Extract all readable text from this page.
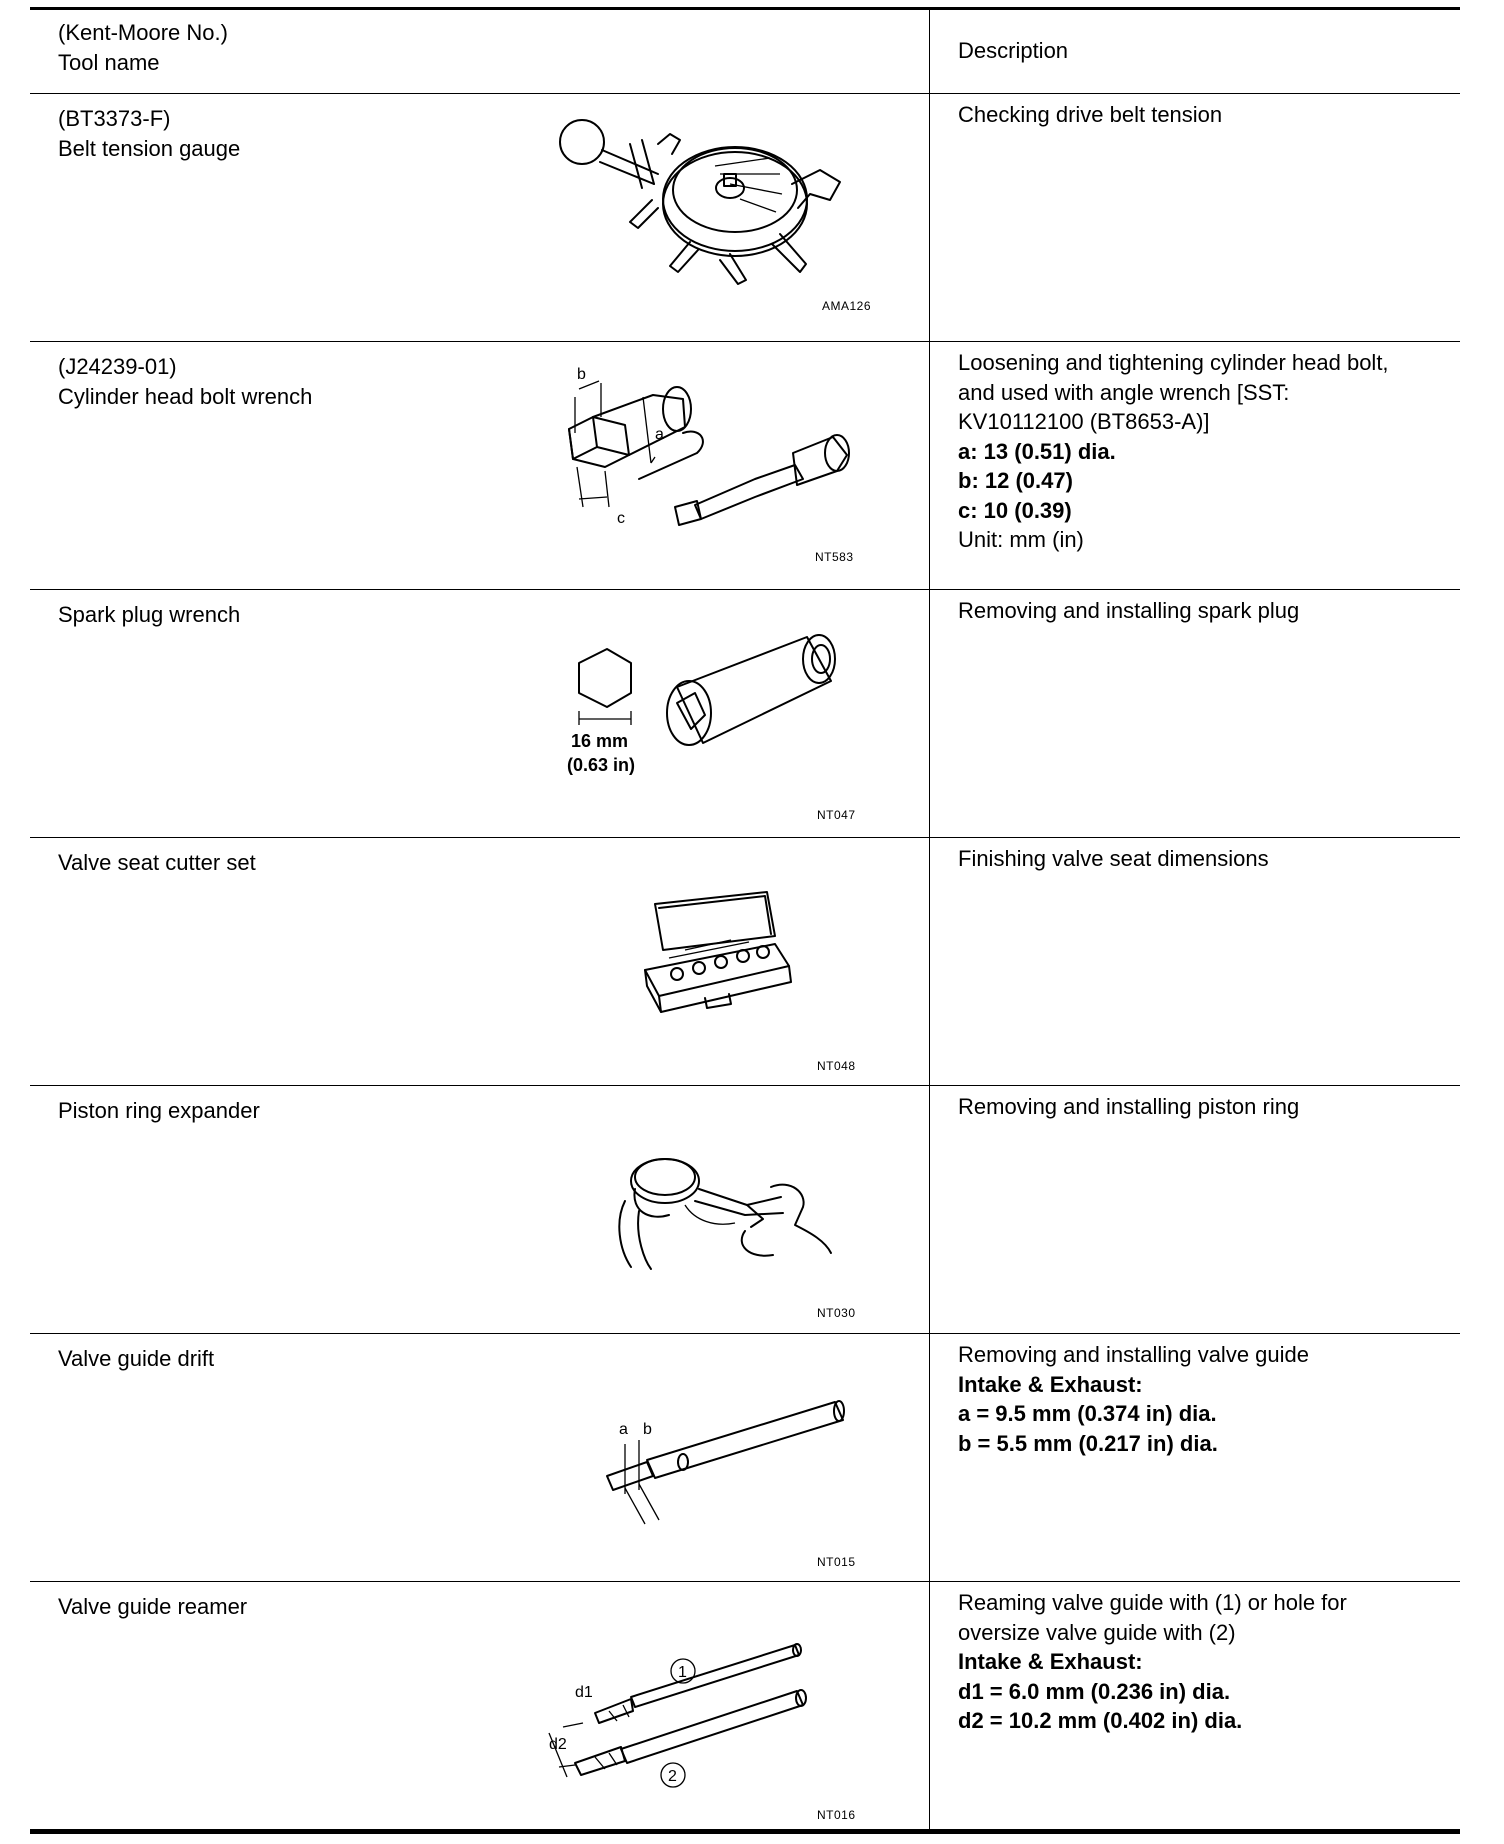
(Kent-Moore No.)
Tool name	Description
(BT3373-F)
Belt tension gauge
AMA126
Checking drive belt tension
(J24239-01)
Cylinder head bolt wrench
b
a
c
NT583
Loosening and tightening cylinder head bolt,
and used with angle wrench [SST:
KV10112100 (BT8653-A)]
a: 13 (0.51) dia.
b: 12 (0.47)
c: 10 (0.39)
Unit: mm (in)
Spark plug wrench
16 mm
(0.63 in)
NT047
Removing and installing spark plug
Valve seat cutter set
NT048
Finishing valve seat dimensions
Piston ring expander
NT030
Removing and installing piston ring
Valve guide drift
a b
NT015
Removing and installing valve guide
Intake & Exhaust:
a = 9.5 mm (0.374 in) dia.
b = 5.5 mm (0.217 in) dia.
Valve guide reamer
1
2
d1
d2
NT016
Reaming valve guide with (1) or hole for
oversize valve guide with (2)
Intake & Exhaust:
d1 = 6.0 mm (0.236 in) dia.
d2 = 10.2 mm (0.402 in) dia.
